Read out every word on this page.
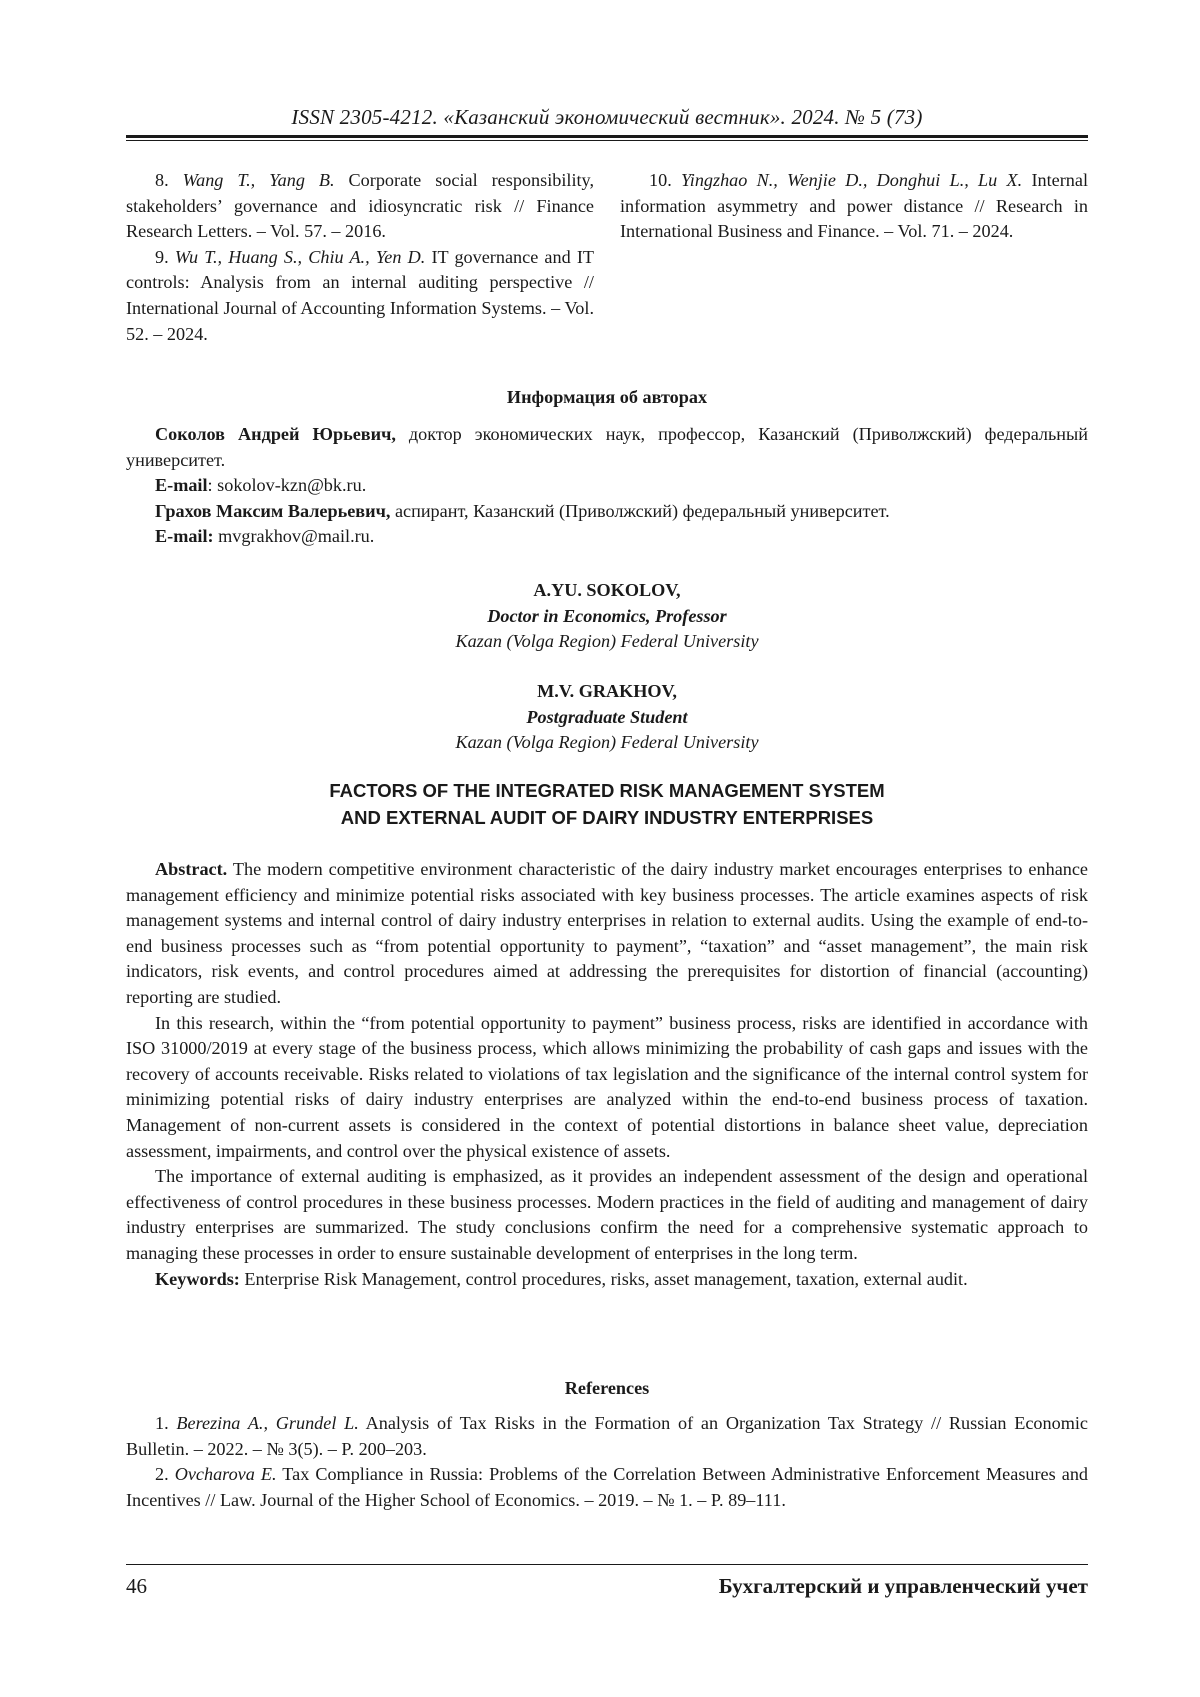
ISSN 2305-4212. «Казанский экономический вестник». 2024. № 5 (73)

8. Wang T., Yang B. Corporate social responsibility, stakeholders’ governance and idiosyncratic risk // Finance Research Letters. – Vol. 57. – 2016.

9. Wu T., Huang S., Chiu A., Yen D. IT governance and IT controls: Analysis from an internal auditing perspective // International Journal of Accounting Information Systems. – Vol. 52. – 2024.

10. Yingzhao N., Wenjie D., Donghui L., Lu X. Internal information asymmetry and power distance // Research in International Business and Finance. – Vol. 71. – 2024.

Информация об авторах

Соколов Андрей Юрьевич, доктор экономических наук, профессор, Казанский (Приволжский) федеральный университет.

E-mail: sokolov-kzn@bk.ru.

Грахов Максим Валерьевич, аспирант, Казанский (Приволжский) федеральный университет.

E-mail: mvgrakhov@mail.ru.

A.YU. SOKOLOV,
Doctor in Economics, Professor
Kazan (Volga Region) Federal University
M.V. GRAKHOV,
Postgraduate Student
Kazan (Volga Region) Federal University
FACTORS OF THE INTEGRATED RISK MANAGEMENT SYSTEM
AND EXTERNAL AUDIT OF DAIRY INDUSTRY ENTERPRISES

Abstract. The modern competitive environment characteristic of the dairy industry market encourages enterprises to enhance management efficiency and minimize potential risks associated with key business processes. The article examines aspects of risk management systems and internal control of dairy industry enterprises in relation to external audits. Using the example of end-to-end business processes such as “from potential opportunity to payment”, “taxation” and “asset management”, the main risk indicators, risk events, and control procedures aimed at addressing the prerequisites for distortion of financial (accounting) reporting are studied.

In this research, within the “from potential opportunity to payment” business process, risks are identified in accordance with ISO 31000/2019 at every stage of the business process, which allows minimizing the probability of cash gaps and issues with the recovery of accounts receivable. Risks related to violations of tax legislation and the significance of the internal control system for minimizing potential risks of dairy industry enterprises are analyzed within the end-to-end business process of taxation. Management of non-current assets is considered in the context of potential distortions in balance sheet value, depreciation assessment, impairments, and control over the physical existence of assets.

The importance of external auditing is emphasized, as it provides an independent assessment of the design and operational effectiveness of control procedures in these business processes. Modern practices in the field of auditing and management of dairy industry enterprises are summarized. The study conclusions confirm the need for a comprehensive systematic approach to managing these processes in order to ensure sustainable development of enterprises in the long term.

Keywords: Enterprise Risk Management, control procedures, risks, asset management, taxation, external audit.

References

1. Berezina A., Grundel L. Analysis of Tax Risks in the Formation of an Organization Tax Strategy // Russian Economic Bulletin. – 2022. – № 3(5). – P. 200–203.

2. Ovcharova E. Tax Compliance in Russia: Problems of the Correlation Between Administrative Enforcement Measures and Incentives // Law. Journal of the Higher School of Economics. – 2019. – № 1. – P. 89–111.

46	Бухгалтерский и управленческий учет
